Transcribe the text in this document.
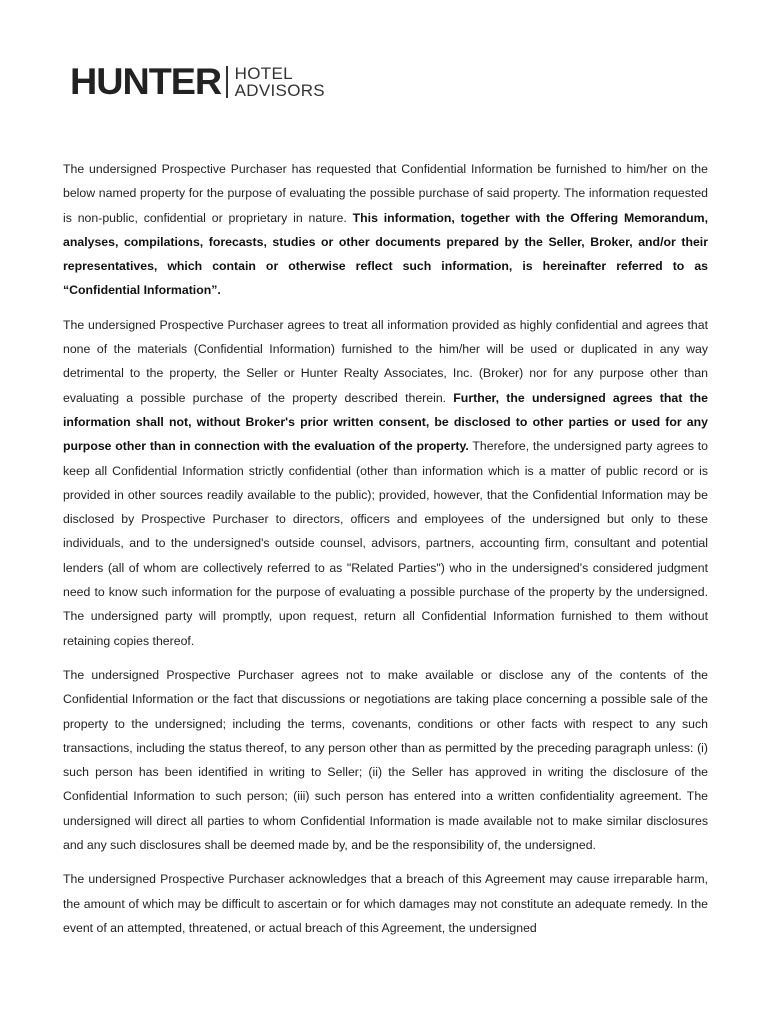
HUNTER HOTEL
ADVISORS

The undersigned Prospective Purchaser has requested that Confidential Information be furnished to him/her on the below named property for the purpose of evaluating the possible purchase of said property. The information requested is non-public, confidential or proprietary in nature. This information, together with the Offering Memorandum, analyses, compilations, forecasts, studies or other documents prepared by the Seller, Broker, and/or their representatives, which contain or otherwise reflect such information, is hereinafter referred to as “Confidential Information”.

The undersigned Prospective Purchaser agrees to treat all information provided as highly confidential and agrees that none of the materials (Confidential Information) furnished to the him/her will be used or duplicated in any way detrimental to the property, the Seller or Hunter Realty Associates, Inc. (Broker) nor for any purpose other than evaluating a possible purchase of the property described therein. Further, the undersigned agrees that the information shall not, without Broker's prior written consent, be disclosed to other parties or used for any purpose other than in connection with the evaluation of the property. Therefore, the undersigned party agrees to keep all Confidential Information strictly confidential (other than information which is a matter of public record or is provided in other sources readily available to the public); provided, however, that the Confidential Information may be disclosed by Prospective Purchaser to directors, officers and employees of the undersigned but only to these individuals, and to the undersigned's outside counsel, advisors, partners, accounting firm, consultant and potential lenders (all of whom are collectively referred to as "Related Parties") who in the undersigned's considered judgment need to know such information for the purpose of evaluating a possible purchase of the property by the undersigned. The undersigned party will promptly, upon request, return all Confidential Information furnished to them without retaining copies thereof.

The undersigned Prospective Purchaser agrees not to make available or disclose any of the contents of the Confidential Information or the fact that discussions or negotiations are taking place concerning a possible sale of the property to the undersigned; including the terms, covenants, conditions or other facts with respect to any such transactions, including the status thereof, to any person other than as permitted by the preceding paragraph unless: (i) such person has been identified in writing to Seller; (ii) the Seller has approved in writing the disclosure of the Confidential Information to such person; (iii) such person has entered into a written confidentiality agreement. The undersigned will direct all parties to whom Confidential Information is made available not to make similar disclosures and any such disclosures shall be deemed made by, and be the responsibility of, the undersigned.

The undersigned Prospective Purchaser acknowledges that a breach of this Agreement may cause irreparable harm, the amount of which may be difficult to ascertain or for which damages may not constitute an adequate remedy. In the event of an attempted, threatened, or actual breach of this Agreement, the undersigned
